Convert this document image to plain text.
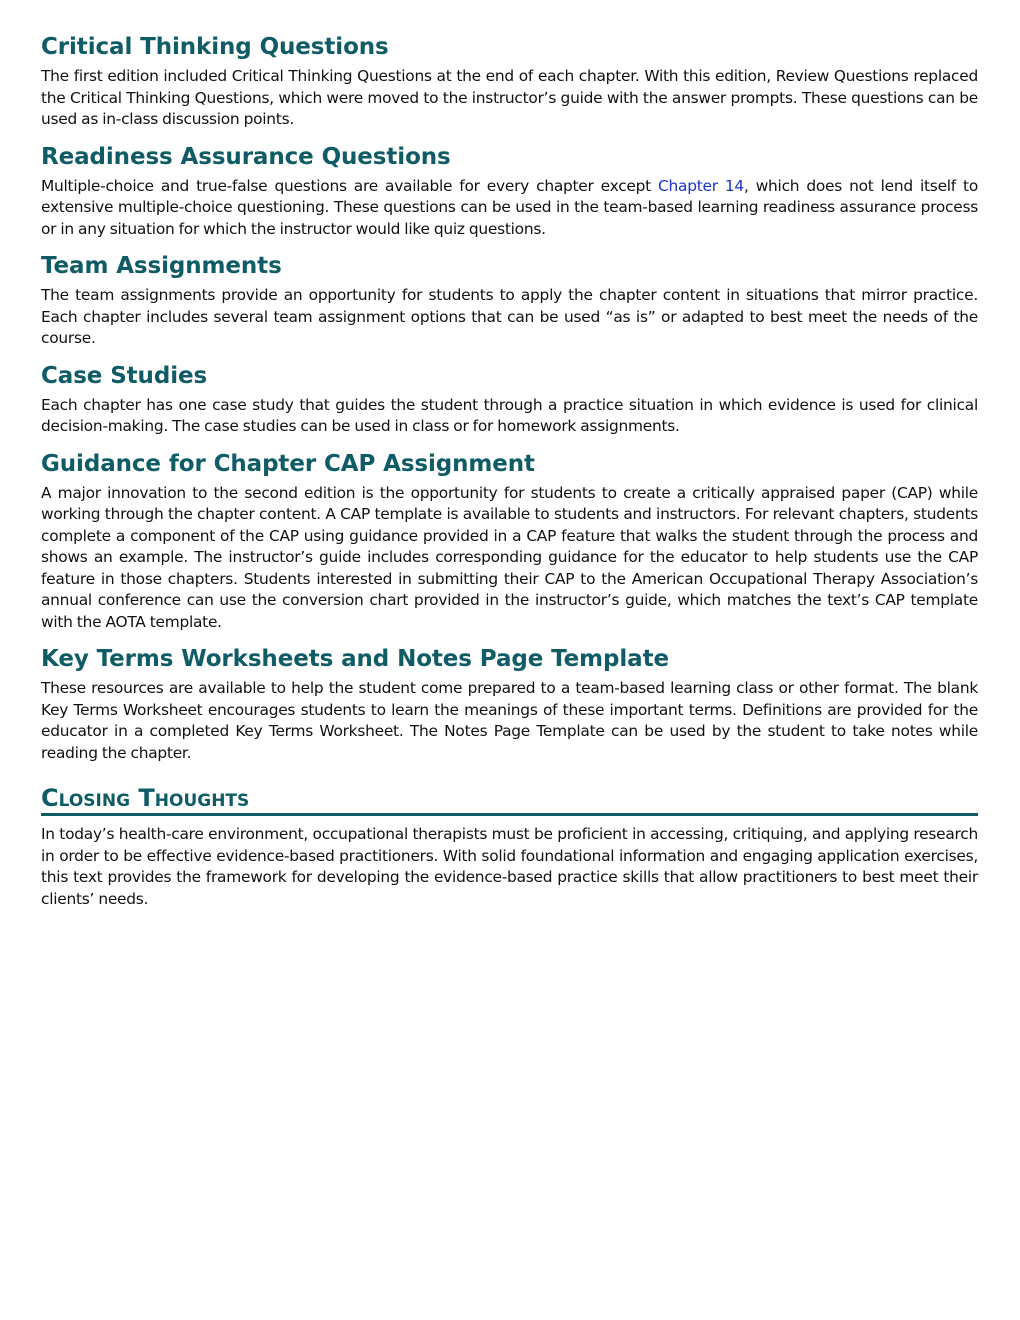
Critical Thinking Questions

The first edition included Critical Thinking Questions at the end of each chapter. With this edition, Review Questions replaced the Critical Thinking Questions, which were moved to the instructor’s guide with the answer prompts. These questions can be used as in-class discussion points.

Readiness Assurance Questions

Multiple-choice and true-false questions are available for every chapter except Chapter 14, which does not lend itself to extensive multiple-choice questioning. These questions can be used in the team-based learning readiness assurance process or in any situation for which the instructor would like quiz questions.

Team Assignments

The team assignments provide an opportunity for students to apply the chapter content in situations that mirror practice. Each chapter includes several team assignment options that can be used “as is” or adapted to best meet the needs of the course.

Case Studies

Each chapter has one case study that guides the student through a practice situation in which evidence is used for clinical decision-making. The case studies can be used in class or for homework assignments.

Guidance for Chapter CAP Assignment

A major innovation to the second edition is the opportunity for students to create a critically appraised paper (CAP) while working through the chapter content. A CAP template is available to students and instructors. For relevant chapters, students complete a component of the CAP using guidance provided in a CAP feature that walks the student through the process and shows an example. The instructor’s guide includes corresponding guidance for the educator to help students use the CAP feature in those chapters. Students interested in submitting their CAP to the American Occupational Therapy Association’s annual conference can use the conversion chart provided in the instructor’s guide, which matches the text’s CAP template with the AOTA template.

Key Terms Worksheets and Notes Page Template

These resources are available to help the student come prepared to a team-based learning class or other format. The blank Key Terms Worksheet encourages students to learn the meanings of these important terms. Definitions are provided for the educator in a completed Key Terms Worksheet. The Notes Page Template can be used by the student to take notes while reading the chapter.

Closing Thoughts

In today’s health-care environment, occupational therapists must be proficient in accessing, critiquing, and applying research in order to be effective evidence-based practitioners. With solid foundational information and engaging application exercises, this text provides the framework for developing the evidence-based practice skills that allow practitioners to best meet their clients’ needs.
